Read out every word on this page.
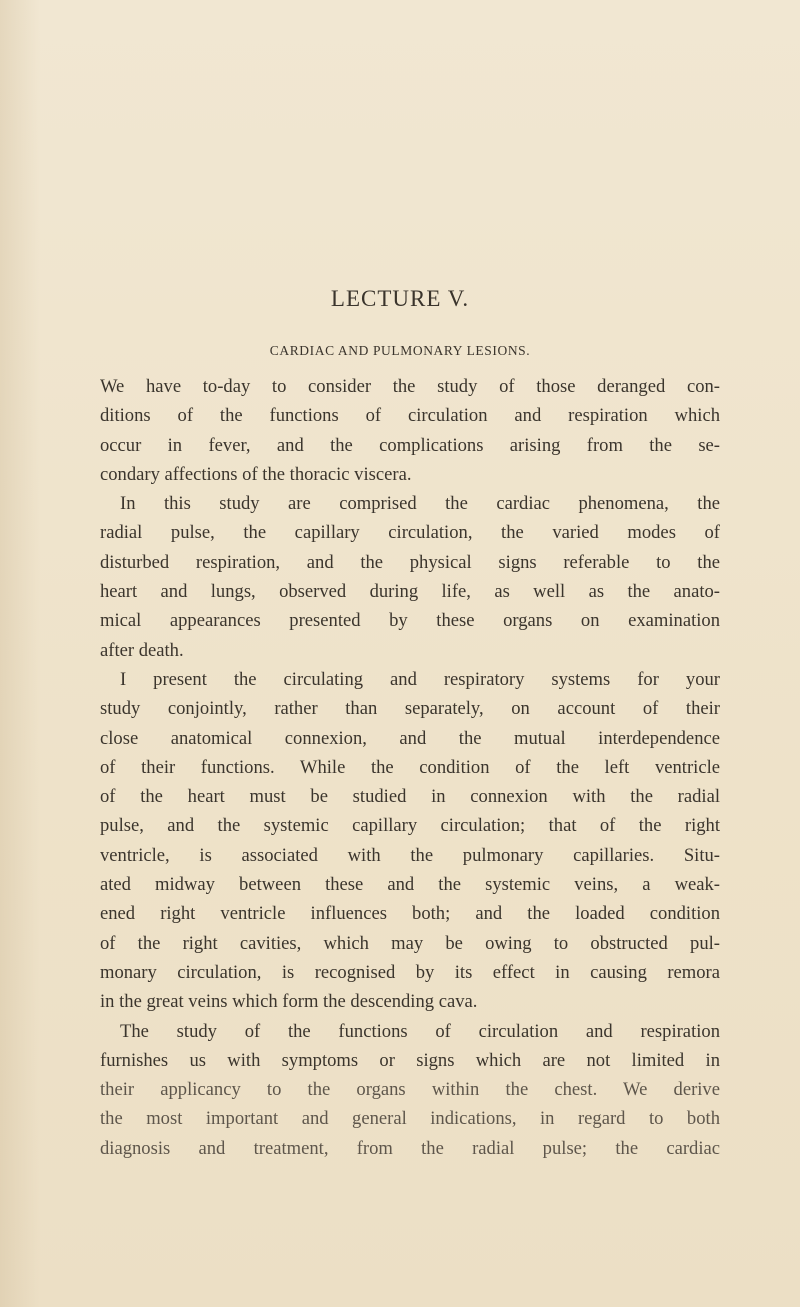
LECTURE V.
CARDIAC AND PULMONARY LESIONS.
We have to-day to consider the study of those deranged con-
ditions of the functions of circulation and respiration which
occur in fever, and the complications arising from the se-
condary affections of the thoracic viscera.
In this study are comprised the cardiac phenomena, the
radial pulse, the capillary circulation, the varied modes of
disturbed respiration, and the physical signs referable to the
heart and lungs, observed during life, as well as the anato-
mical appearances presented by these organs on examination
after death.
I present the circulating and respiratory systems for your
study conjointly, rather than separately, on account of their
close anatomical connexion, and the mutual interdependence
of their functions. While the condition of the left ventricle
of the heart must be studied in connexion with the radial
pulse, and the systemic capillary circulation; that of the right
ventricle, is associated with the pulmonary capillaries. Situ-
ated midway between these and the systemic veins, a weak-
ened right ventricle influences both; and the loaded condition
of the right cavities, which may be owing to obstructed pul-
monary circulation, is recognised by its effect in causing remora
in the great veins which form the descending cava.
The study of the functions of circulation and respiration
furnishes us with symptoms or signs which are not limited in
their applicancy to the organs within the chest. We derive
the most important and general indications, in regard to both
diagnosis and treatment, from the radial pulse; the cardiac
